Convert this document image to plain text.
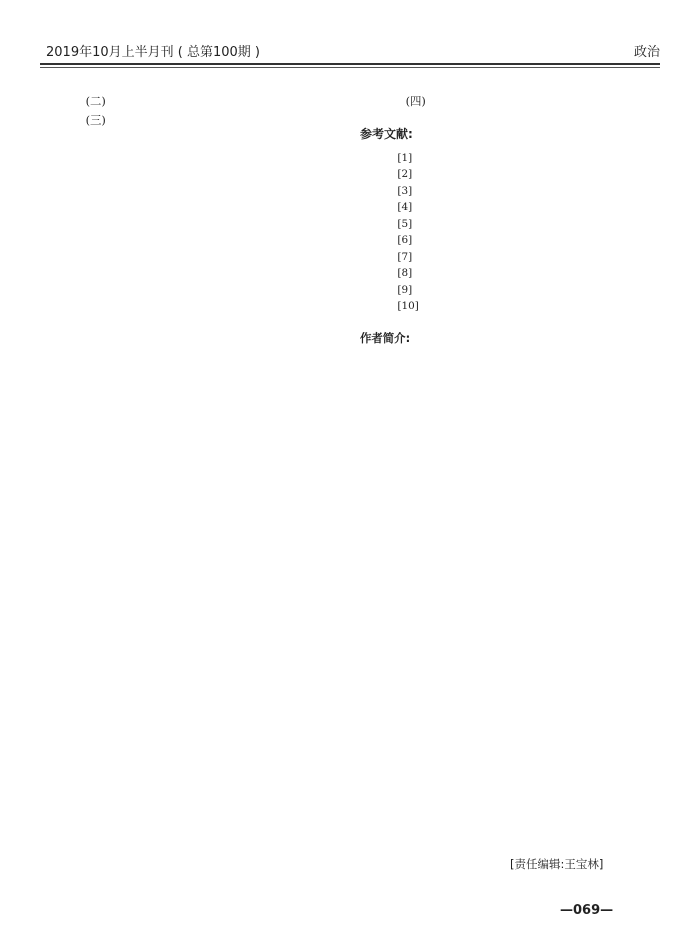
2019年10月上半月刊 ( 总第100期 )	政治

(二)

(三)

(四)

参考文献:

[1]

[2]

[3]

[4]

[5]

[6]

[7]

[8]

[9]

[10]

作者简介:
[责任编辑:王宝林]
—069—
